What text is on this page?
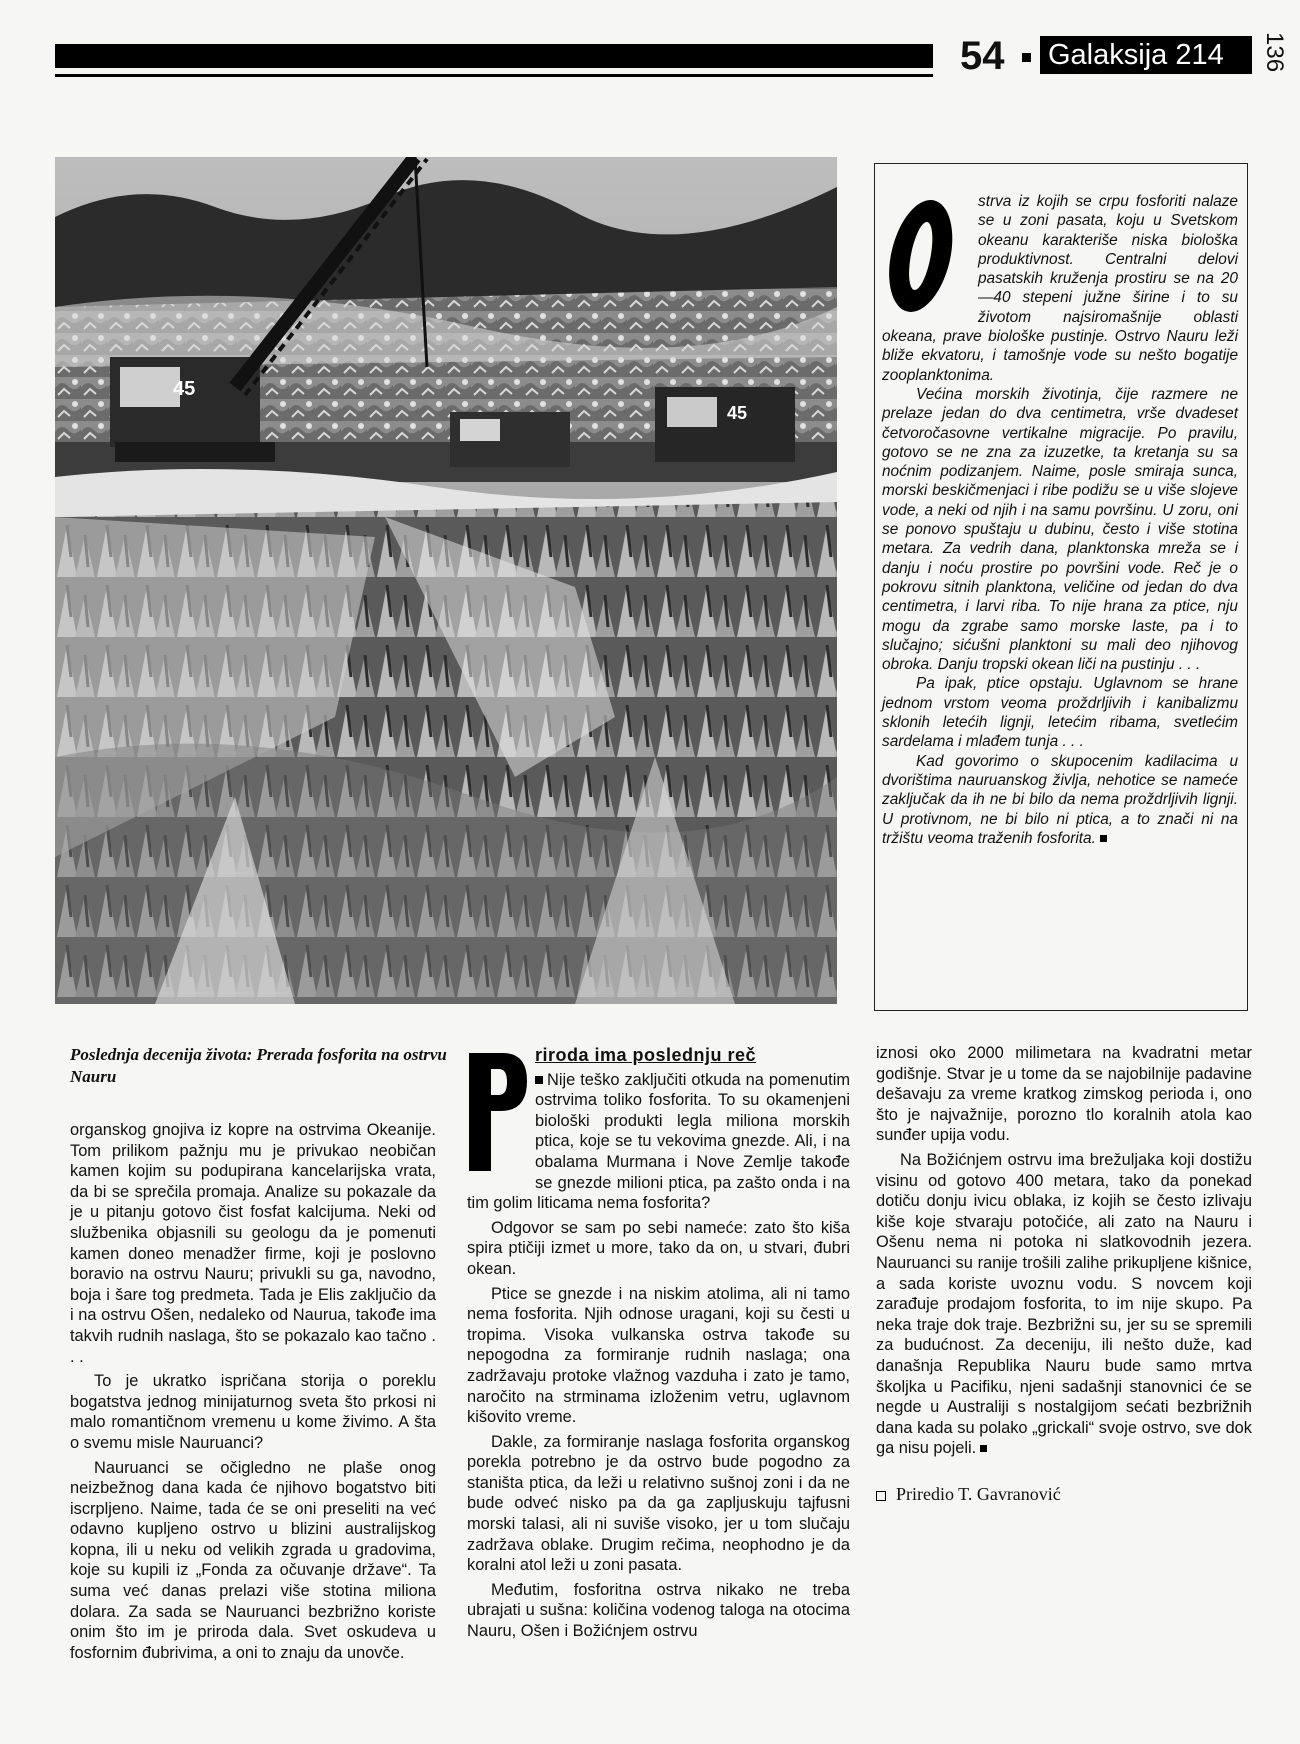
54 Galaksija 214	136
45
45

strva iz kojih se crpu fosforiti nalaze se u zoni pasata, koju u Svetskom okeanu karakteriše niska biološka produktivnost. Centralni delovi pasatskih kruženja prostiru se na 20—40 stepeni južne širine i to su životom najsiromašnije oblasti okeana, prave biološke pustinje. Ostrvo Nauru leži bliže ekvatoru, i tamošnje vode su nešto bogatije zooplanktonima.

Većina morskih životinja, čije razmere ne prelaze jedan do dva centimetra, vrše dvadeset četvoročasovne vertikalne migracije. Po pravilu, gotovo se ne zna za izuzetke, ta kretanja su sa noćnim podizanjem. Naime, posle smiraja sunca, morski beskičmenjaci i ribe podižu se u više slojeve vode, a neki od njih i na samu površinu. U zoru, oni se ponovo spuštaju u dubinu, često i više stotina metara. Za vedrih dana, planktonska mreža se i danju i noću prostire po površini vode. Reč je o pokrovu sitnih planktona, veličine od jedan do dva centimetra, i larvi riba. To nije hrana za ptice, nju mogu da zgrabe samo morske laste, pa i to slučajno; sićušni planktoni su mali deo njihovog obroka. Danju tropski okean liči na pustinju . . .

Pa ipak, ptice opstaju. Uglavnom se hrane jednom vrstom veoma proždrljivih i kanibalizmu sklonih letećih lignji, letećim ribama, svetlećim sardelama i mlađem tunja . . .

Kad govorimo o skupocenim kadilacima u dvorištima nauruanskog življa, nehotice se nameće zaključak da ih ne bi bilo da nema proždrljivih lignji. U protivnom, ne bi bilo ni ptica, a to znači ni na tržištu veoma traženih fosforita.

Poslednja decenija života: Prerada fosforita na ostrvu Nauru

organskog gnojiva iz kopre na ostrvima Okeanije. Tom prilikom pažnju mu je privukao neobičan kamen kojim su podupirana kancelarijska vrata, da bi se sprečila promaja. Analize su pokazale da je u pitanju gotovo čist fosfat kalcijuma. Neki od službenika objasnili su geologu da je pomenuti kamen doneo menadžer firme, koji je poslovno boravio na ostrvu Nauru; privukli su ga, navodno, boja i šare tog predmeta. Tada je Elis zaključio da i na ostrvu Ošen, nedaleko od Naurua, takođe ima takvih rudnih naslaga, što se pokazalo kao tačno . . .

To je ukratko ispričana storija o poreklu bogatstva jednog minijaturnog sveta što prkosi ni malo romantičnom vremenu u kome živimo. A šta o svemu misle Nauruanci?

Nauruanci se očigledno ne plaše onog neizbežnog dana kada će njihovo bogatstvo biti iscrpljeno. Naime, tada će se oni preseliti na već odavno kupljeno ostrvo u blizini australijskog kopna, ili u neku od velikih zgrada u gradovima, koje su kupili iz „Fonda za očuvanje države“. Ta suma već danas prelazi više stotina miliona dolara. Za sada se Nauruanci bezbrižno koriste onim što im je priroda dala. Svet oskudeva u fosfornim đubrivima, a oni to znaju da unovče.

riroda ima poslednju reč

Nije teško zaključiti otkuda na pomenutim ostrvima toliko fosforita. To su okamenjeni biološki produkti legla miliona morskih ptica, koje se tu vekovima gnezde. Ali, i na obalama Murmana i Nove Zemlje takođe se gnezde milioni ptica, pa zašto onda i na tim golim liticama nema fosforita?

Odgovor se sam po sebi nameće: zato što kiša spira ptičiji izmet u more, tako da on, u stvari, đubri okean.

Ptice se gnezde i na niskim atolima, ali ni tamo nema fosforita. Njih odnose uragani, koji su česti u tropima. Visoka vulkanska ostrva takođe su nepogodna za formiranje rudnih naslaga; ona zadržavaju protoke vlažnog vazduha i zato je tamo, naročito na strminama izloženim vetru, uglavnom kišovito vreme.

Dakle, za formiranje naslaga fosforita organskog porekla potrebno je da ostrvo bude pogodno za staništa ptica, da leži u relativno sušnoj zoni i da ne bude odveć nisko pa da ga zapljuskuju tajfusni morski talasi, ali ni suviše visoko, jer u tom slučaju zadržava oblake. Drugim rečima, neophodno je da koralni atol leži u zoni pasata.

Međutim, fosforitna ostrva nikako ne treba ubrajati u sušna: količina vodenog taloga na otocima Nauru, Ošen i Božićnjem ostrvu

iznosi oko 2000 milimetara na kvadratni metar godišnje. Stvar je u tome da se najobilnije padavine dešavaju za vreme kratkog zimskog perioda i, ono što je najvažnije, porozno tlo koralnih atola kao sunđer upija vodu.

Na Božićnjem ostrvu ima brežuljaka koji dostižu visinu od gotovo 400 metara, tako da ponekad dotiču donju ivicu oblaka, iz kojih se često izlivaju kiše koje stvaraju potočiće, ali zato na Nauru i Ošenu nema ni potoka ni slatkovodnih jezera. Nauruanci su ranije trošili zalihe prikupljene kišnice, a sada koriste uvoznu vodu. S novcem koji zarađuje prodajom fosforita, to im nije skupo. Pa neka traje dok traje. Bezbrižni su, jer su se spremili za budućnost. Za deceniju, ili nešto duže, kad današnja Republika Nauru bude samo mrtva školjka u Pacifiku, njeni sadašnji stanovnici će se negde u Australiji s nostalgijom sećati bezbrižnih dana kada su polako „grickali“ svoje ostrvo, sve dok ga nisu pojeli.

Priredio T. Gavranović
